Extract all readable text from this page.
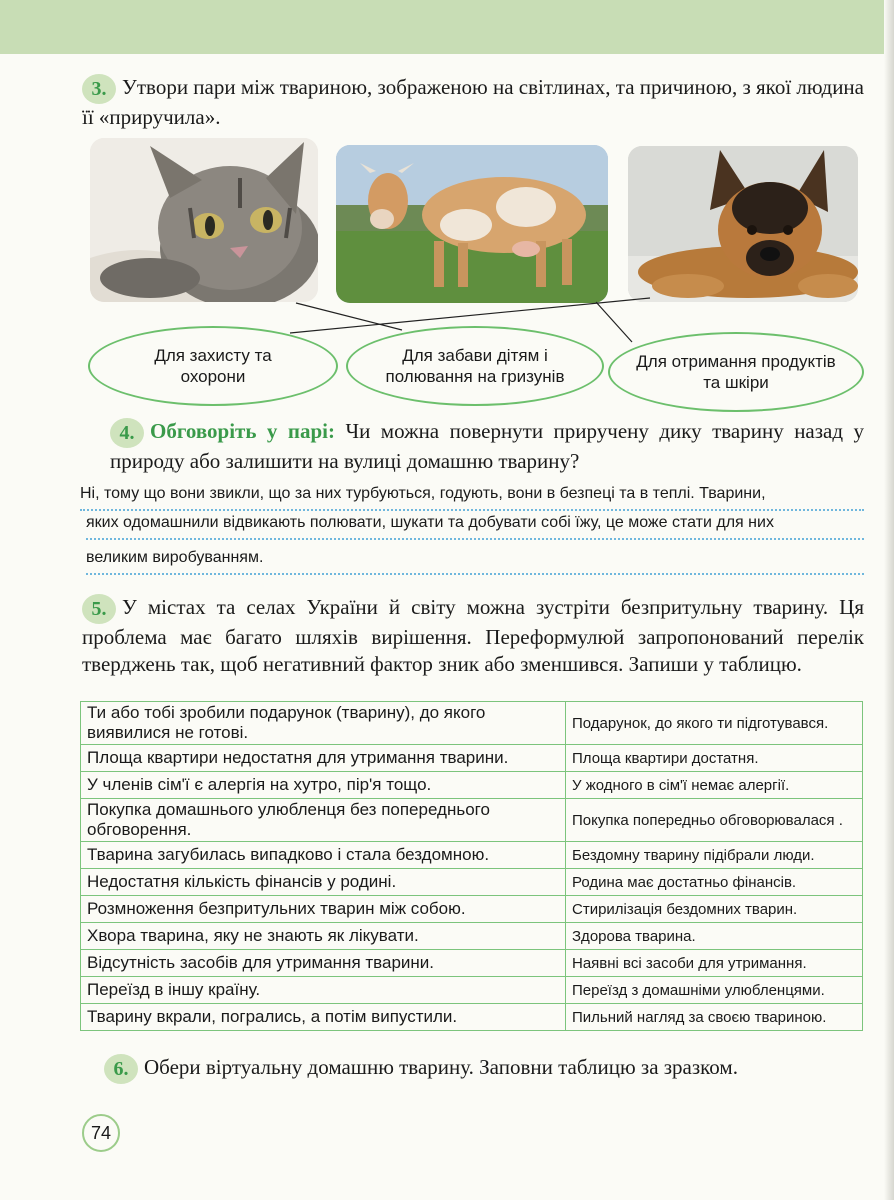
3. Утвори пари між твариною, зображеною на світлинах, та причиною, з якої людина її «приручила».
Для захисту та охорони
Для забави дітям і полювання на гризунів
Для отримання продуктів та шкіри
4. Обговоріть у парі: Чи можна повернути приручену дику тварину назад у природу або залишити на вулиці домашню тварину?
Ні, тому що вони звикли, що за них турбуються, годують, вони в безпеці та в теплі. Тварини,
яких одомашнили відвикають полювати, шукати та добувати собі їжу, це може стати для них
великим виробуванням.
5. У містах та селах України й світу можна зустріти безпритульну тварину. Ця проблема має багато шляхів вирішення. Переформулюй запропонований перелік тверджень так, щоб негативний фактор зник або зменшився. Запиши у таблицю.
Ти або тобі зробили подарунок (тварину), до якого виявилися не готові.	Подарунок, до якого ти підготувався.
Площа квартири недостатня для утримання тварини.	Площа квартири достатня.
У членів сім'ї є алергія на хутро, пір'я тощо.	У жодного в сім'ї немає алергії.
Покупка домашнього улюбленця без попереднього обговорення.	Покупка попередньо обговорювалася .
Тварина загубилась випадково і стала бездомною.	Бездомну тварину підібрали люди.
Недостатня кількість фінансів у родині.	Родина має достатньо фінансів.
Розмноження безпритульних тварин між собою.	Стирилізація бездомних тварин.
Хвора тварина, яку не знають як лікувати.	Здорова тварина.
Відсутність засобів для утримання тварини.	Наявні всі засоби для утримання.
Переїзд в іншу країну.	Переїзд з домашніми улюбленцями.
Тварину вкрали, погрались, а потім випустили.	Пильний нагляд за своєю твариною.
6. Обери віртуальну домашню тварину. Заповни таблицю за зразком.
74
